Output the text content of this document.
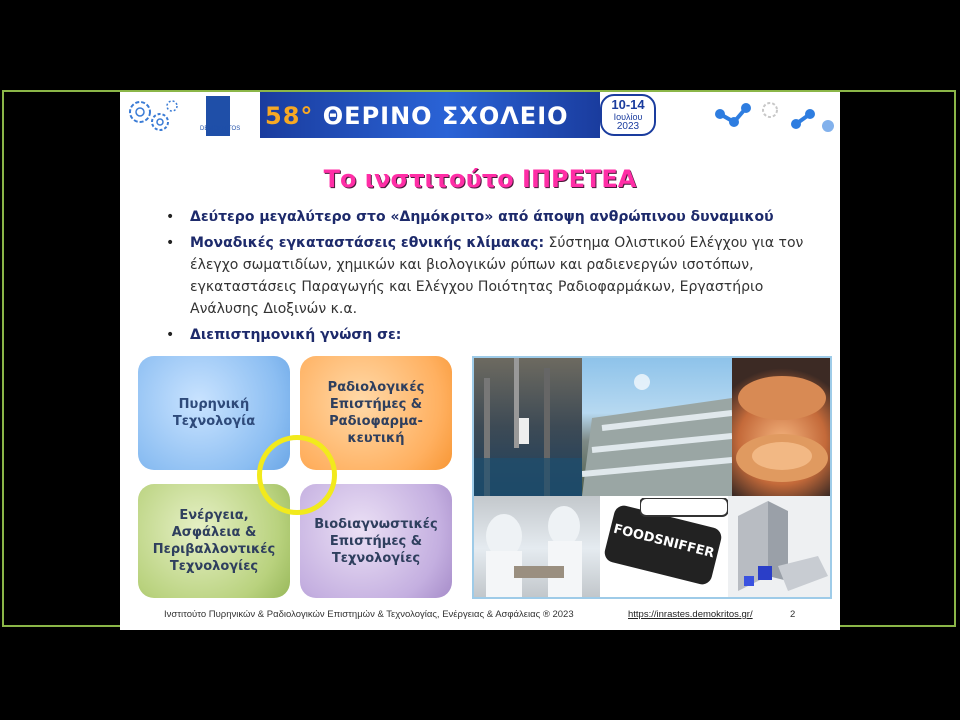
DEMOKRITOS 58° ΘΕΡΙΝΟ ΣΧΟΛΕΙΟ	10-14
Ιουλίου
2023
Το ινστιτούτο ΙΠΡΕΤΕΑ
• Δεύτερο μεγαλύτερο στο «Δημόκριτο» από άποψη ανθρώπινου δυναμικού
• Μοναδικές εγκαταστάσεις εθνικής κλίμακας: Σύστημα Ολιστικού Ελέγχου για τον έλεγχο σωματιδίων, χημικών και βιολογικών ρύπων και ραδιενεργών ισοτόπων, εγκαταστάσεις Παραγωγής και Ελέγχου Ποιότητας Ραδιοφαρμάκων, Εργαστήριο Ανάλυσης Διοξινών κ.α.
• Διεπιστημονική γνώση σε:
Πυρηνική
Τεχνολογία
Ραδιολογικές
Επιστήμες &
Ραδιοφαρμα-
κευτική
Ενέργεια,
Ασφάλεια &
Περιβαλλοντικές
Τεχνολογίες
Βιοδιαγνωστικές
Επιστήμες &
Τεχνολογίες	FOODSNIFFER
Ινστιτούτο Πυρηνικών & Ραδιολογικών Επιστημών & Τεχνολογίας, Ενέργειας & Ασφάλειας ® 2023	https://inrastes.demokritos.gr/	2
